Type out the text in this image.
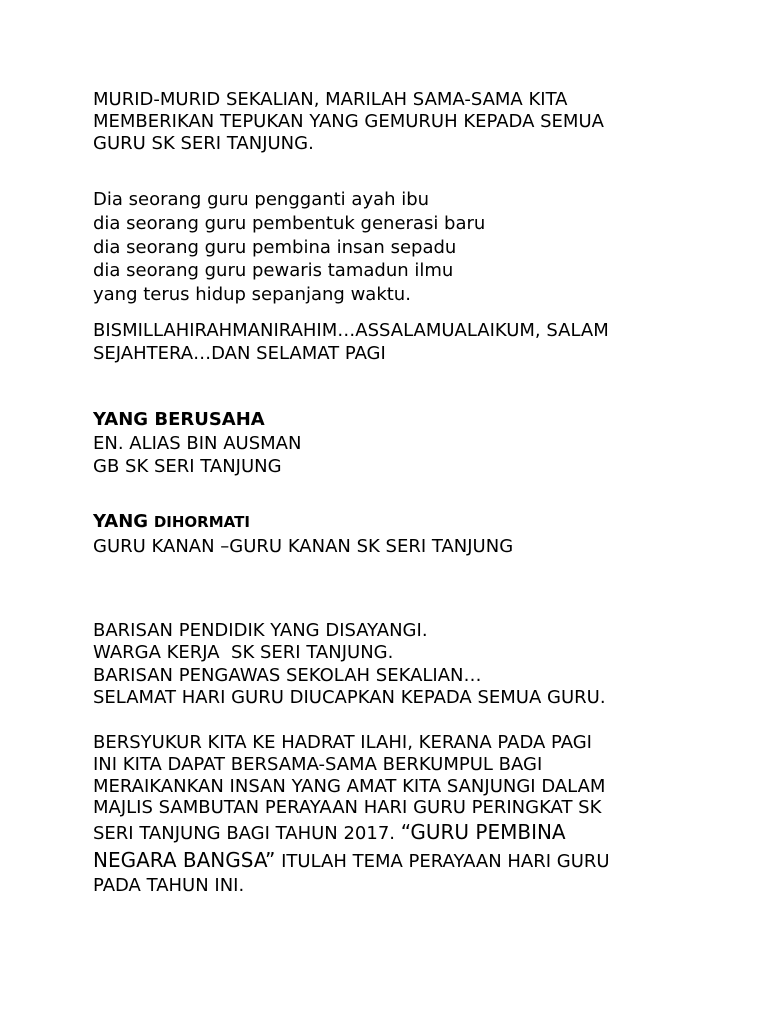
MURID-MURID SEKALIAN, MARILAH SAMA-SAMA KITA
MEMBERIKAN TEPUKAN YANG GEMURUH KEPADA SEMUA
GURU SK SERI TANJUNG.
Dia seorang guru pengganti ayah ibu
dia seorang guru pembentuk generasi baru
dia seorang guru pembina insan sepadu
dia seorang guru pewaris tamadun ilmu
yang terus hidup sepanjang waktu.
BISMILLAHIRAHMANIRAHIM…ASSALAMUALAIKUM, SALAM
SEJAHTERA…DAN SELAMAT PAGI
YANG BERUSAHA
EN. ALIAS BIN AUSMAN
GB SK SERI TANJUNG
YANG DIHORMATI
GURU KANAN –GURU KANAN SK SERI TANJUNG
BARISAN PENDIDIK YANG DISAYANGI.
WARGA KERJA  SK SERI TANJUNG.
BARISAN PENGAWAS SEKOLAH SEKALIAN…
SELAMAT HARI GURU DIUCAPKAN KEPADA SEMUA GURU.
BERSYUKUR KITA KE HADRAT ILAHI, KERANA PADA PAGI
INI KITA DAPAT BERSAMA-SAMA BERKUMPUL BAGI
MERAIKANKAN INSAN YANG AMAT KITA SANJUNGI DALAM
MAJLIS SAMBUTAN PERAYAAN HARI GURU PERINGKAT SK
SERI TANJUNG BAGI TAHUN 2017. “GURU PEMBINA
NEGARA BANGSA” ITULAH TEMA PERAYAAN HARI GURU
PADA TAHUN INI.
